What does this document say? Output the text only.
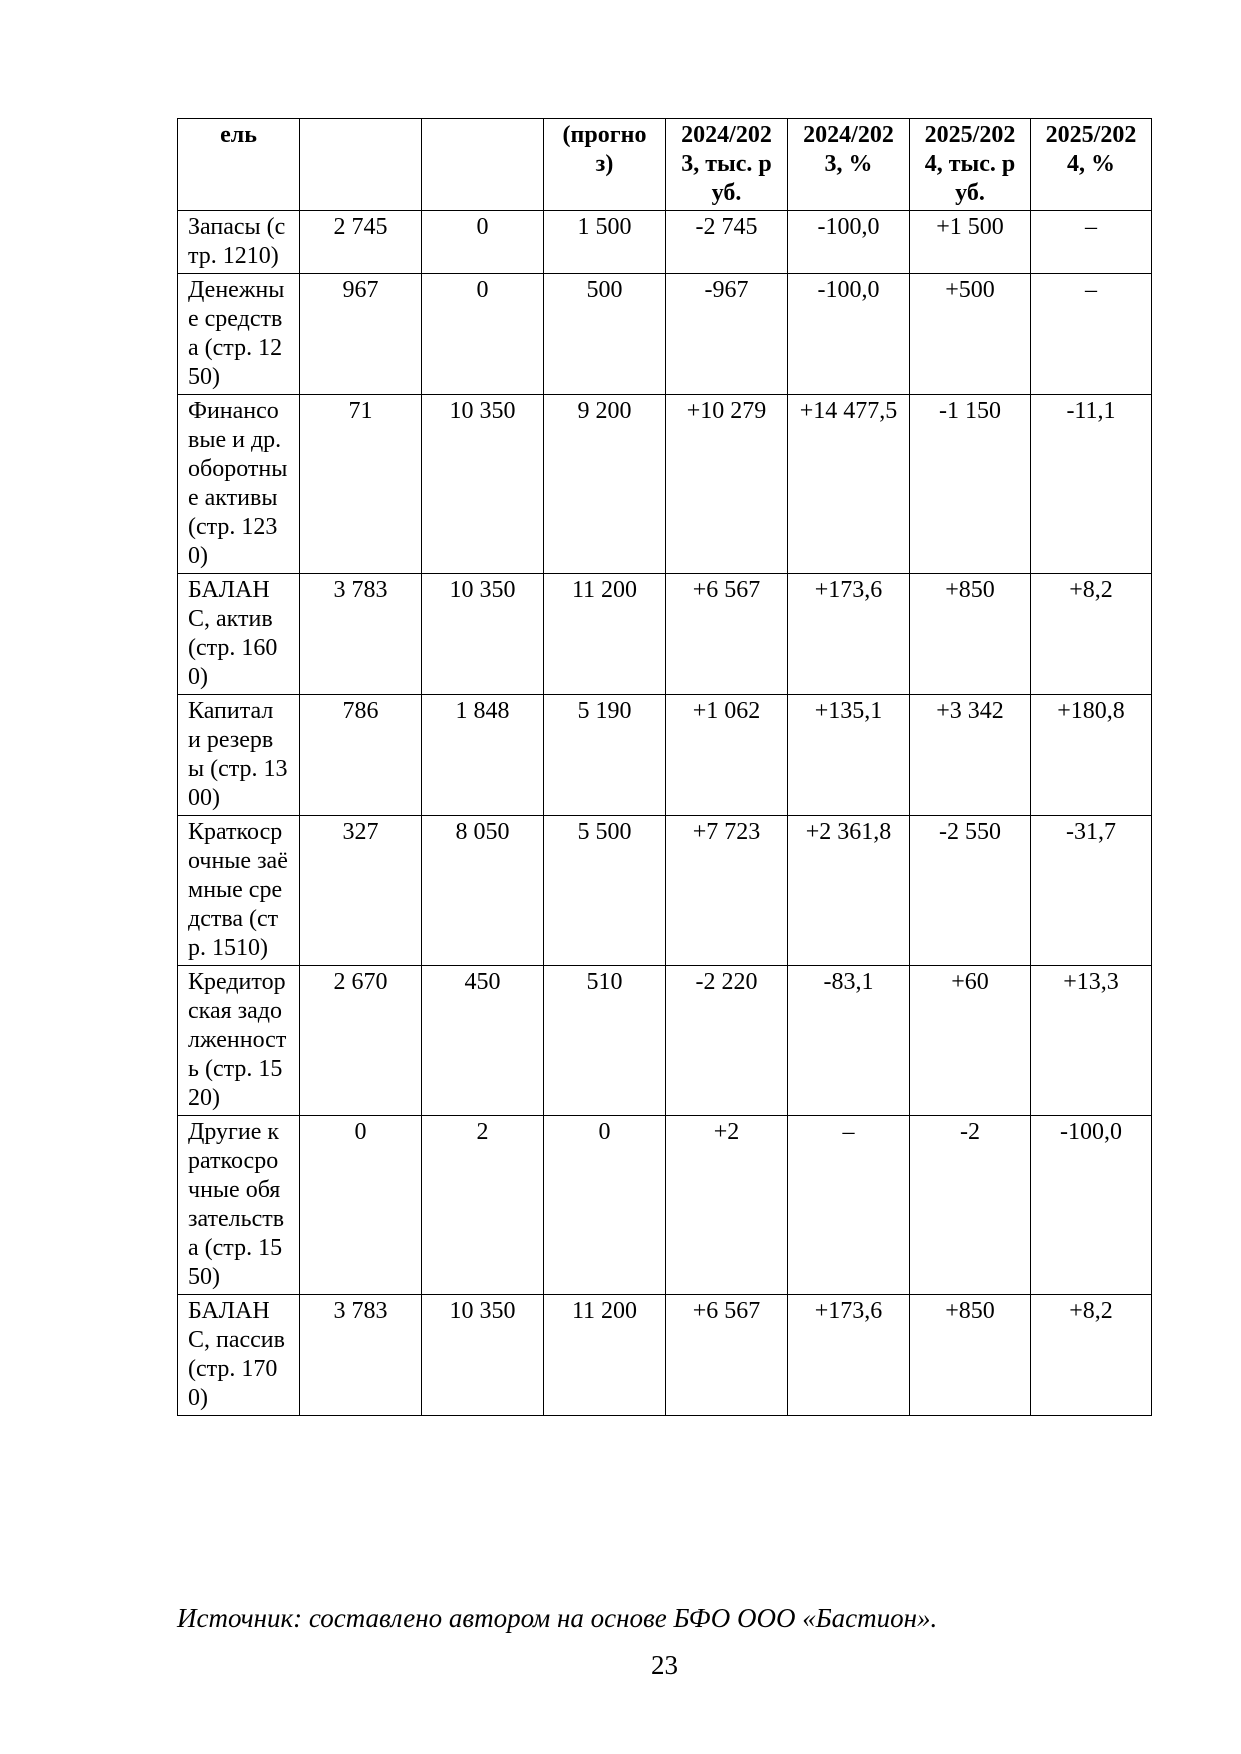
ель			(прогноз)	2024/2023, тыс. руб.	2024/2023, %	2025/2024, тыс. руб.	2025/2024, %
Запасы (стр. 1210)	2 745	0	1 500	-2 745	-100,0	+1 500	–
Денежные средства (стр. 1250)	967	0	500	-967	-100,0	+500	–
Финансовые и др. оборотные активы (стр. 1230)	71	10 350	9 200	+10 279	+14 477,5	-1 150	-11,1
БАЛАНС, актив (стр. 1600)	3 783	10 350	11 200	+6 567	+173,6	+850	+8,2
Капитал и резервы (стр. 1300)	786	1 848	5 190	+1 062	+135,1	+3 342	+180,8
Краткосрочные заёмные средства (стр. 1510)	327	8 050	5 500	+7 723	+2 361,8	-2 550	-31,7
Кредиторская задолженность (стр. 1520)	2 670	450	510	-2 220	-83,1	+60	+13,3
Другие краткосрочные обязательства (стр. 1550)	0	2	0	+2	–	-2	-100,0
БАЛАНС, пассив (стр. 1700)	3 783	10 350	11 200	+6 567	+173,6	+850	+8,2
Источник: составлено автором на основе БФО ООО «Бастион».
23
